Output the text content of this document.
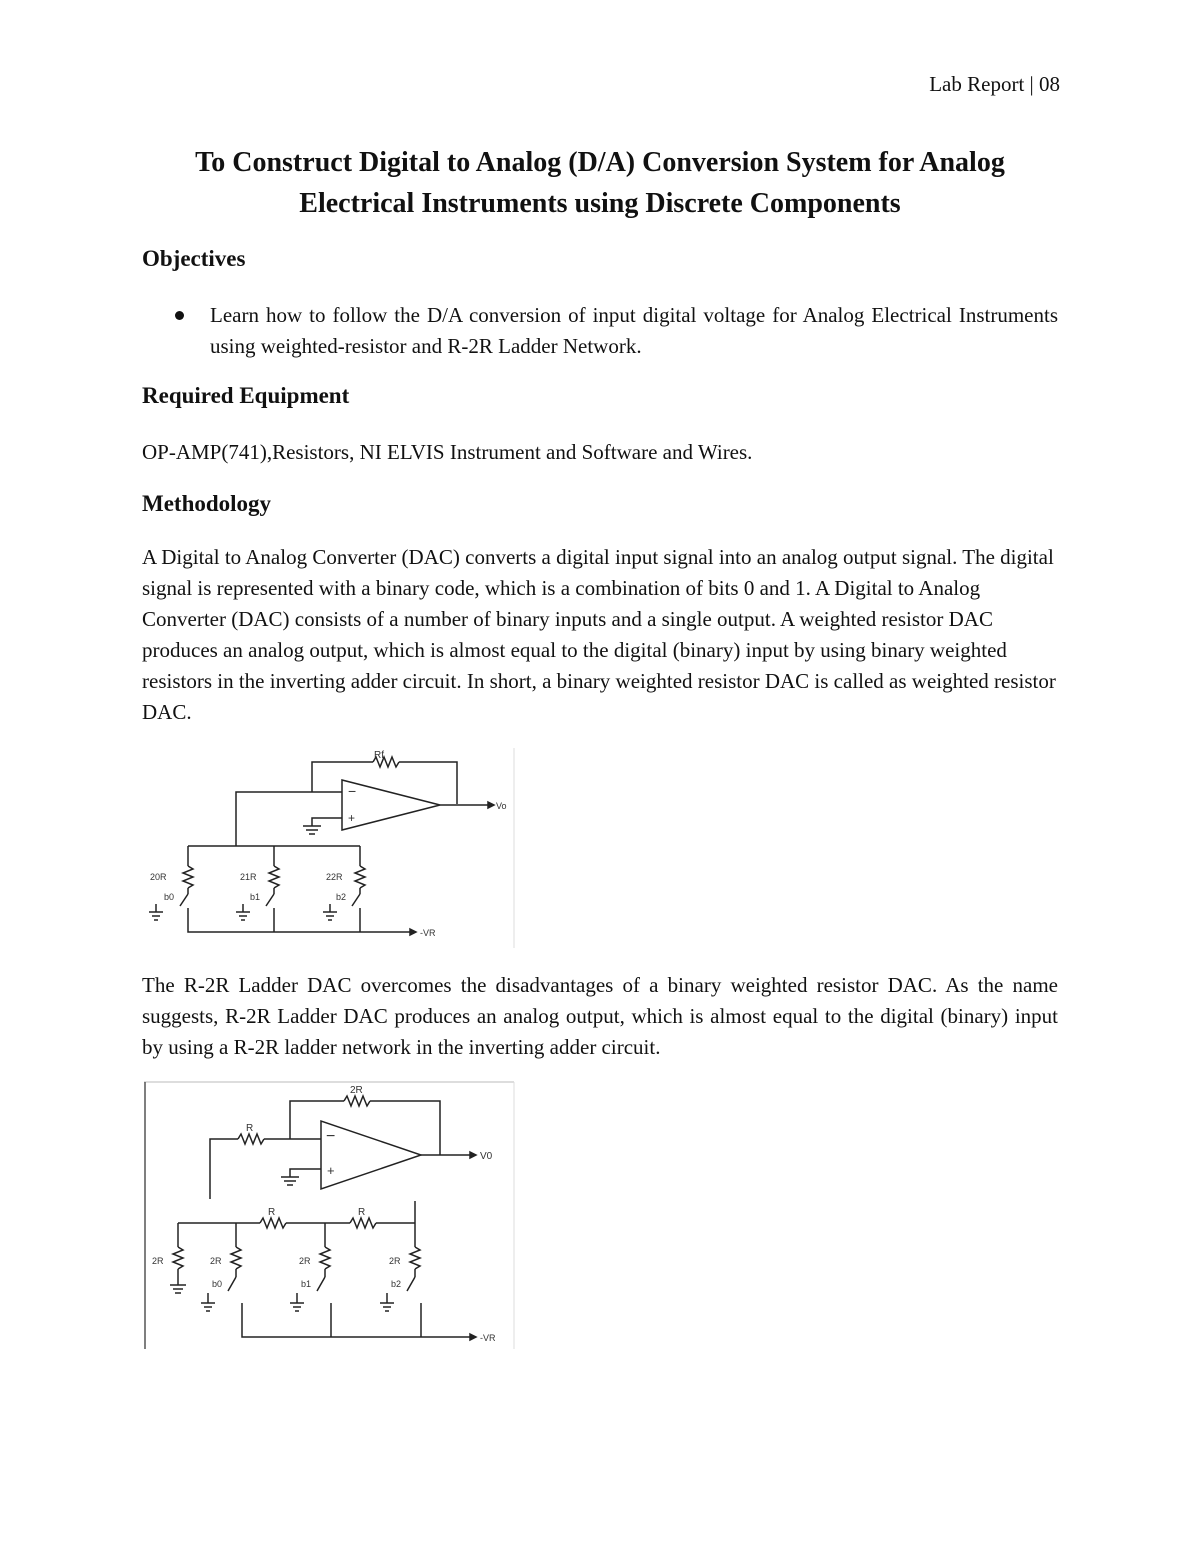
Lab Report | 08
To Construct Digital to Analog (D/A) Conversion System for Analog
Electrical Instruments using Discrete Components
Objectives
Learn how to follow the D/A conversion of input digital voltage for Analog Electrical Instruments using weighted-resistor and R-2R Ladder Network.
Required Equipment

OP-AMP(741),Resistors, NI ELVIS Instrument and Software and Wires.

Methodology

A Digital to Analog Converter (DAC) converts a digital input signal into an analog output signal. The digital signal is represented with a binary code, which is a combination of bits 0 and 1. A Digital to Analog Converter (DAC) consists of a number of binary inputs and a single output. A weighted resistor DAC produces an analog output, which is almost equal to the digital (binary) input by using binary weighted resistors in the inverting adder circuit. In short, a binary weighted resistor DAC is called as weighted resistor DAC.

Rf
−
+
Vo
20R	21R	22R
b0	b1	b2
-VR

The R-2R Ladder DAC overcomes the disadvantages of a binary weighted resistor DAC. As the name suggests, R-2R Ladder DAC produces an analog output, which is almost equal to the digital (binary) input by using a R-2R ladder network in the inverting adder circuit.

2R
R	−
+
V0
R	R
2R	2R	2R	2R
b0	b1	b2
-VR
